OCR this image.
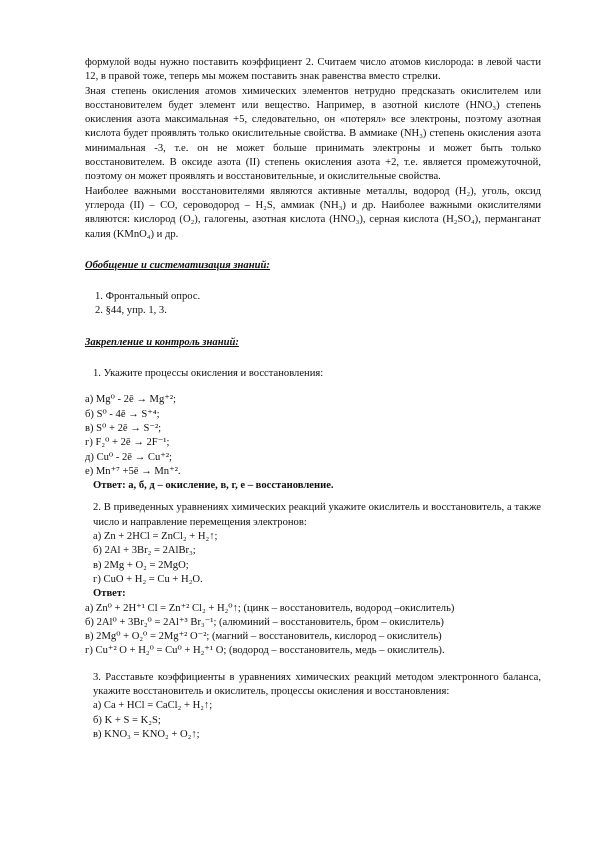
формулой воды нужно поставить коэффициент 2. Считаем число атомов кислорода: в левой части 12, в правой тоже, теперь мы можем поставить знак равенства вместо стрелки.

Зная степень окисления атомов химических элементов нетрудно предсказать окислителем или восстановителем будет элемент или вещество. Например, в азотной кислоте (HNO₃) степень окисления азота максимальная +5, следовательно, он «потерял» все электроны, поэтому азотная кислота будет проявлять только окислительные свойства. В аммиаке (NH₃) степень окисления азота минимальная -3, т.е. он не может больше принимать электроны и может быть только восстановителем. В оксиде азота (II) степень окисления азота +2, т.е. является промежуточной, поэтому он может проявлять и восстановительные, и окислительные свойства.

Наиболее важными восстановителями являются активные металлы, водород (H₂), уголь, оксид углерода (II) – CO, сероводород – H₂S, аммиак (NH₃) и др. Наиболее важными окислителями являются: кислород (O₂), галогены, азотная кислота (HNO₃), серная кислота (H₂SO₄), перманганат калия (KMnO₄) и др.

Обобщение и систематизация знаний:
1. Фронтальный опрос.
2. §44, упр. 1, 3.
Закрепление и контроль знаний:
1. Укажите процессы окисления и восстановления:
а) Mg⁰ - 2ē → Mg⁺²;
б) S⁰ - 4ē → S⁺⁴;
в) S⁰ + 2ē → S⁻²;
г) F₂⁰ + 2ē → 2F⁻¹;
д) Cu⁰ - 2ē → Cu⁺²;
е) Mn⁺⁷ +5ē → Mn⁺².
Ответ: а, б, д – окисление, в, г, е – восстановление.

2. В приведенных уравнениях химических реакций укажите окислитель и восстановитель, а также число и направление перемещения электронов:

а) Zn + 2HCl = ZnCl₂ + H₂↑;
б) 2Al + 3Br₂ = 2AlBr₃;
в) 2Mg + O₂ = 2MgO;
г) CuO + H₂ = Cu + H₂O.
Ответ:
а) Zn⁰ + 2H⁺¹ Cl = Zn⁺² Cl₂ + H₂⁰↑; (цинк – восстановитель, водород –окислитель)
б) 2Al⁰ + 3Br₂⁰ = 2Al⁺³ Br₃⁻¹; (алюминий – восстановитель, бром – окислитель)
в) 2Mg⁰ + O₂⁰ = 2Mg⁺² O⁻²; (магний – восстановитель, кислород – окислитель)
г) Cu⁺² O + H₂⁰ = Cu⁰ + H₂⁺¹ O; (водород – восстановитель, медь – окислитель).

3. Расставьте коэффициенты в уравнениях химических реакций методом электронного баланса, укажите восстановитель и окислитель, процессы окисления и восстановления:

а) Ca + HCl = CaCl₂ + H₂↑;
б) K + S = K₂S;
в) KNO₃ = KNO₂ + O₂↑;
